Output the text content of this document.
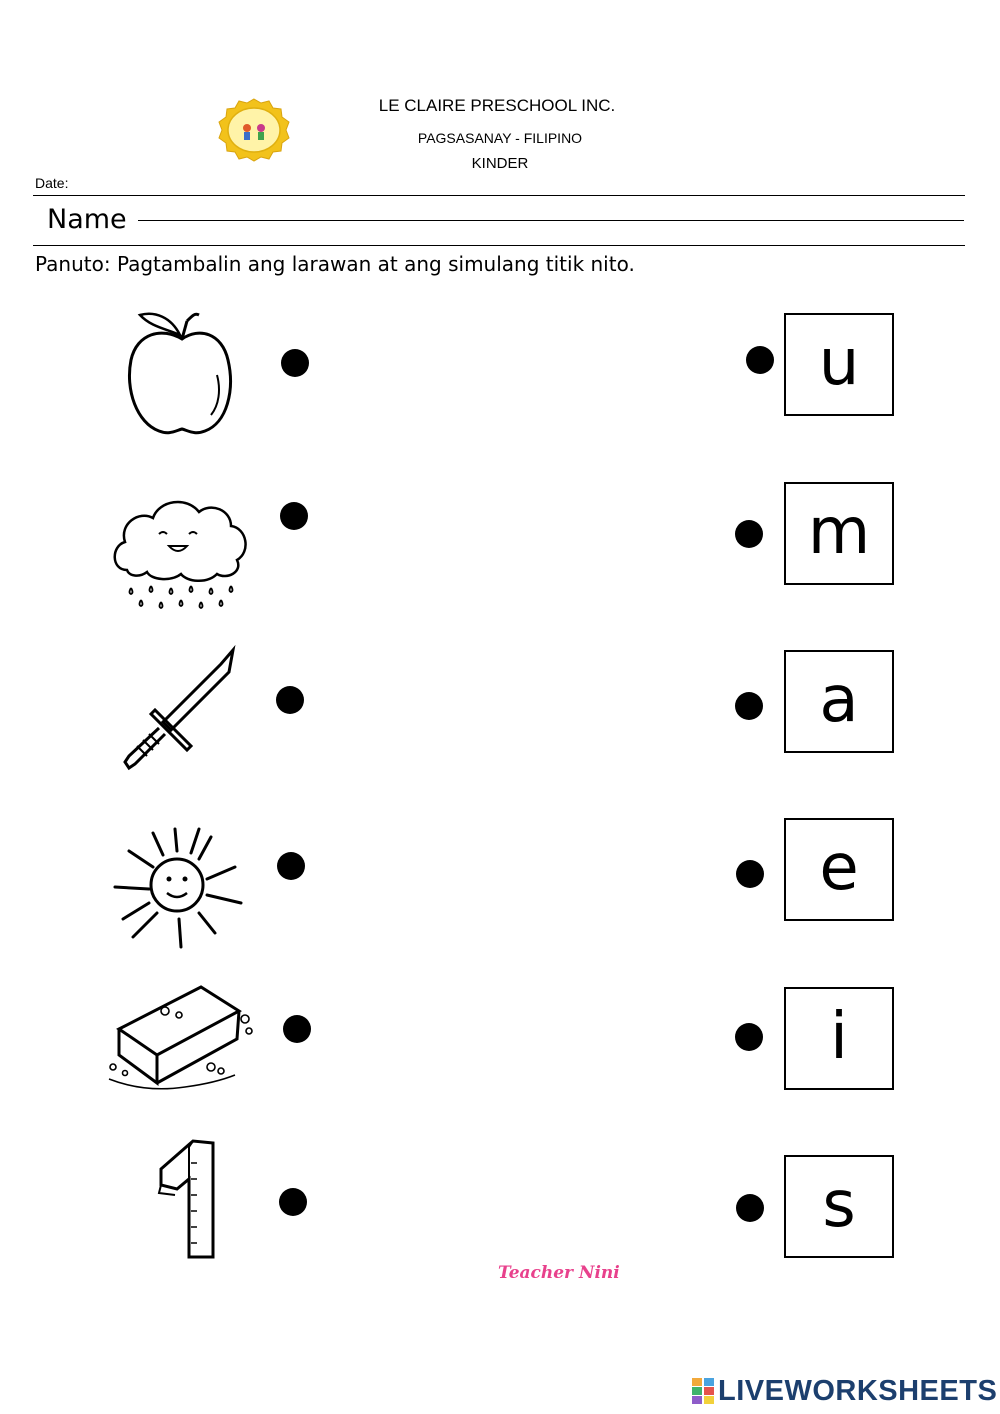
LE CLAIRE PRESCHOOL INC.
PAGSASANAY - FILIPINO
KINDER
Date:
Name
Panuto: Pagtambalin ang larawan at ang simulang titik nito.
u
m
a
e
i
s
Teacher Nini
LIVEWORKSHEETS
